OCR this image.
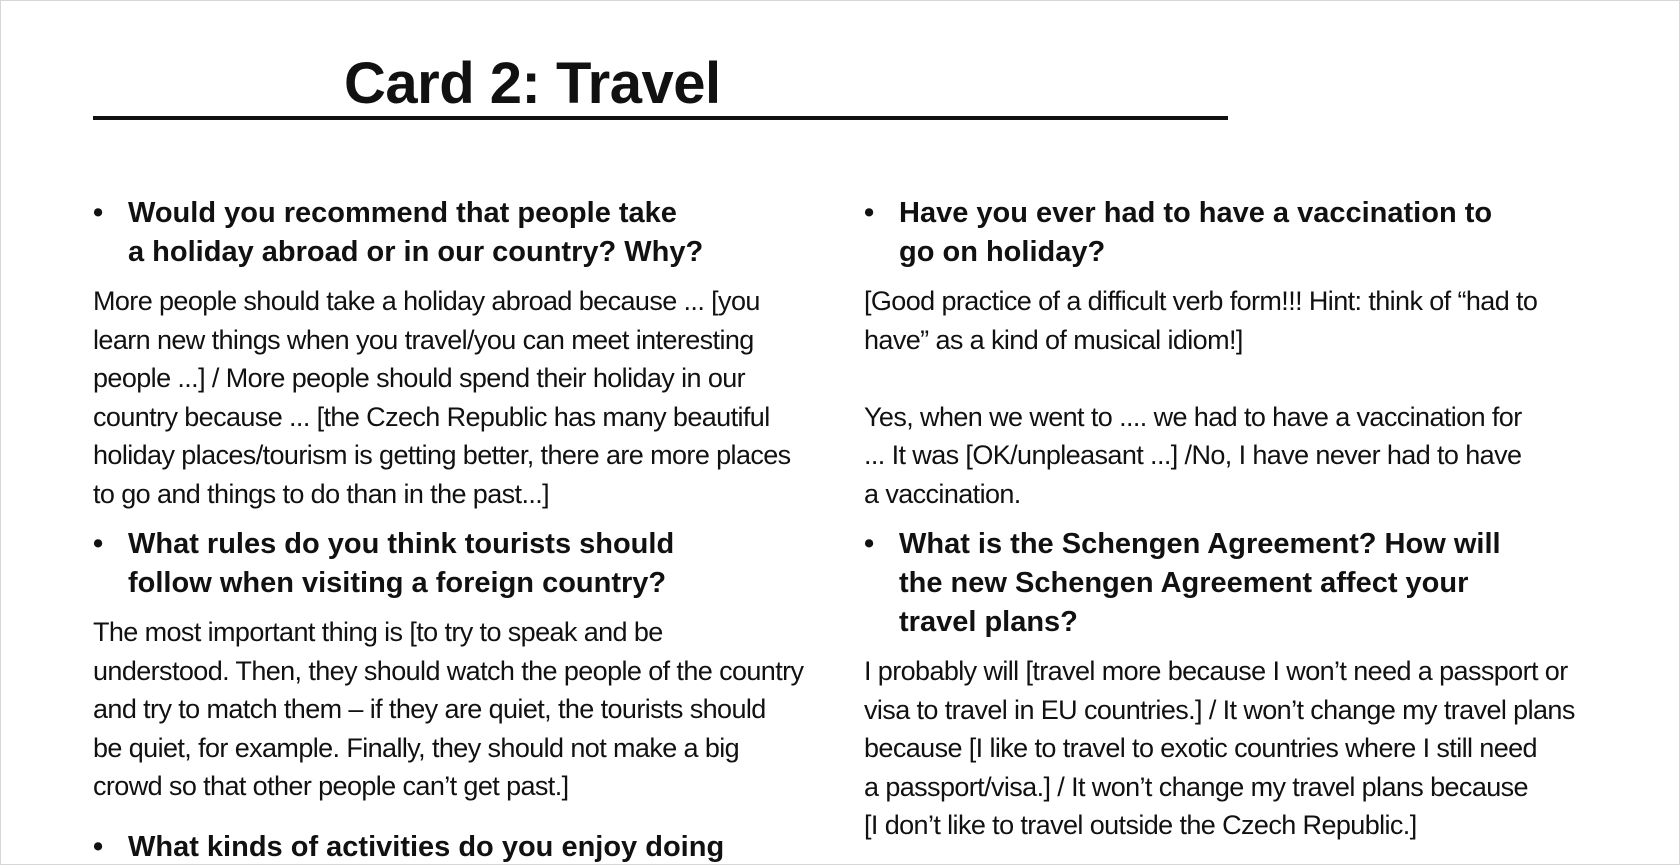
Card 2: Travel

• Would you recommend that people take
a holiday abroad or in our country? Why?

More people should take a holiday abroad because ... [you
learn new things when you travel/you can meet interesting
people ...] / More people should spend their holiday in our
country because ... [the Czech Republic has many beautiful
holiday places/tourism is getting better, there are more places
to go and things to do than in the past...]

• What rules do you think tourists should
follow when visiting a foreign country?

The most important thing is [to try to speak and be
understood. Then, they should watch the people of the country
and try to match them – if they are quiet, the tourists should
be quiet, for example. Finally, they should not make a big
crowd so that other people can’t get past.]

• What kinds of activities do you enjoy doing

• Have you ever had to have a vaccination to
go on holiday?

[Good practice of a difficult verb form!!! Hint: think of “had to
have” as a kind of musical idiom!]

Yes, when we went to .... we had to have a vaccination for
... It was [OK/unpleasant ...] /No, I have never had to have
a vaccination.

• What is the Schengen Agreement? How will
the new Schengen Agreement affect your
travel plans?

I probably will [travel more because I won’t need a passport or
visa to travel in EU countries.] / It won’t change my travel plans
because [I like to travel to exotic countries where I still need
a passport/visa.] / It won’t change my travel plans because
[I don’t like to travel outside the Czech Republic.]
